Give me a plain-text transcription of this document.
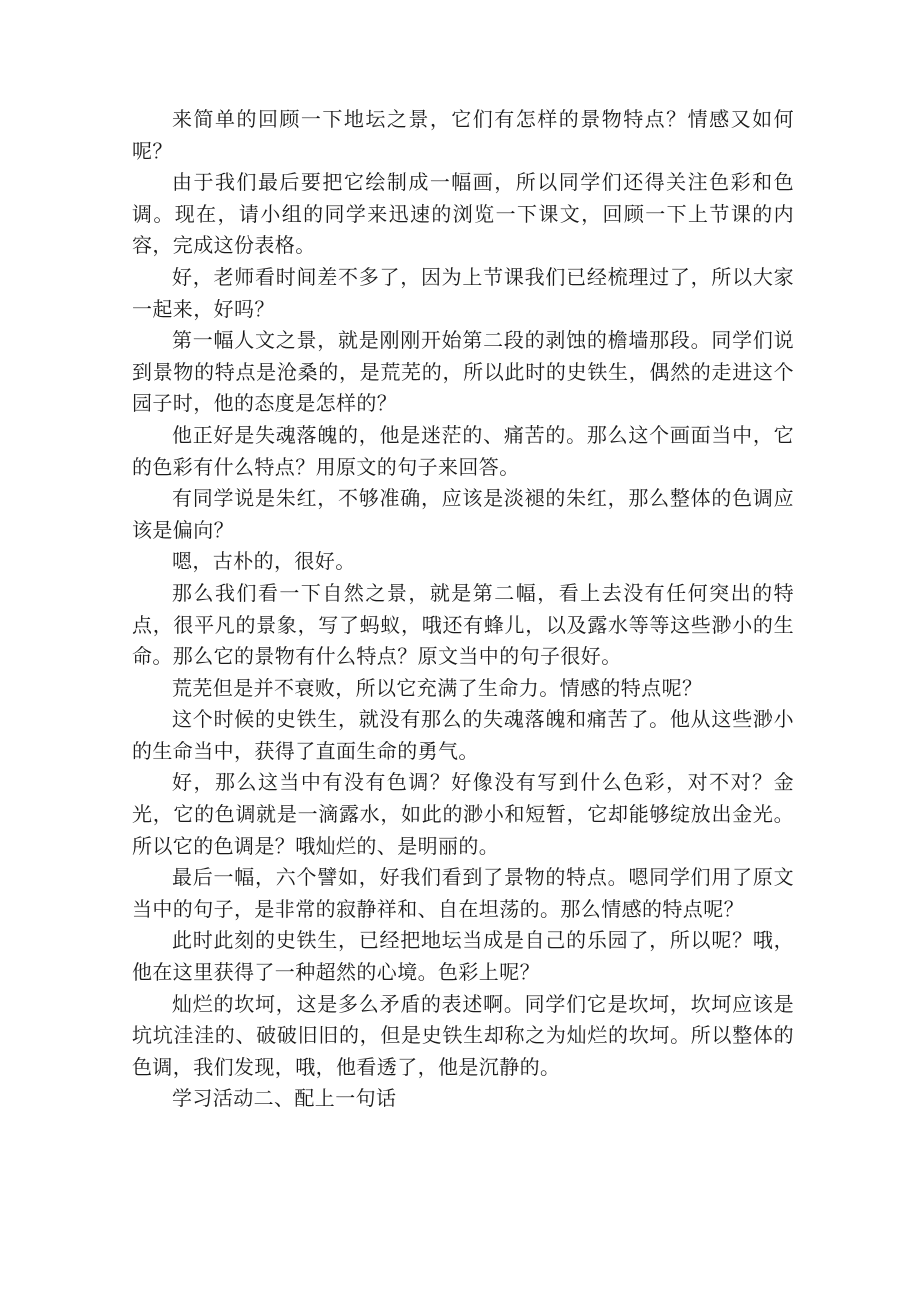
来简单的回顾一下地坛之景，它们有怎样的景物特点？情感又如何呢？

由于我们最后要把它绘制成一幅画，所以同学们还得关注色彩和色调。现在，请小组的同学来迅速的浏览一下课文，回顾一下上节课的内容，完成这份表格。

好，老师看时间差不多了，因为上节课我们已经梳理过了，所以大家一起来，好吗？

第一幅人文之景，就是刚刚开始第二段的剥蚀的檐墙那段。同学们说到景物的特点是沧桑的，是荒芜的，所以此时的史铁生，偶然的走进这个园子时，他的态度是怎样的？

他正好是失魂落魄的，他是迷茫的、痛苦的。那么这个画面当中，它的色彩有什么特点？用原文的句子来回答。

有同学说是朱红，不够准确，应该是淡褪的朱红，那么整体的色调应该是偏向？

嗯，古朴的，很好。

那么我们看一下自然之景，就是第二幅，看上去没有任何突出的特点，很平凡的景象，写了蚂蚁，哦还有蜂儿，以及露水等等这些渺小的生命。那么它的景物有什么特点？原文当中的句子很好。

荒芜但是并不衰败，所以它充满了生命力。情感的特点呢？

这个时候的史铁生，就没有那么的失魂落魄和痛苦了。他从这些渺小的生命当中，获得了直面生命的勇气。

好，那么这当中有没有色调？好像没有写到什么色彩，对不对？金光，它的色调就是一滴露水，如此的渺小和短暂，它却能够绽放出金光。所以它的色调是？哦灿烂的、是明丽的。

最后一幅，六个譬如，好我们看到了景物的特点。嗯同学们用了原文当中的句子，是非常的寂静祥和、自在坦荡的。那么情感的特点呢？

此时此刻的史铁生，已经把地坛当成是自己的乐园了，所以呢？哦，他在这里获得了一种超然的心境。色彩上呢？

灿烂的坎坷，这是多么矛盾的表述啊。同学们它是坎坷，坎坷应该是坑坑洼洼的、破破旧旧的，但是史铁生却称之为灿烂的坎坷。所以整体的色调，我们发现，哦，他看透了，他是沉静的。

学习活动二、配上一句话
